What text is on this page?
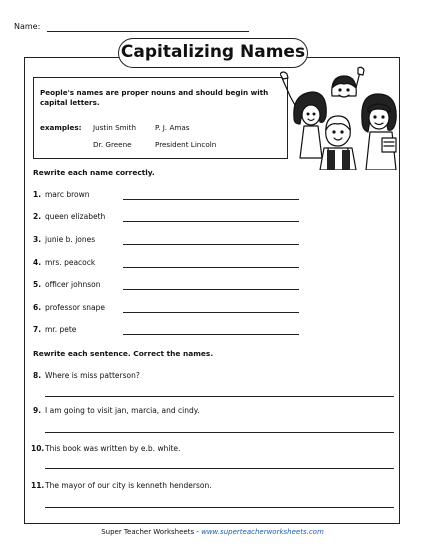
Name:
Capitalizing Names
People's names are proper nouns and should begin with capital letters.
examples: Justin Smith	P. J. Amas
Dr. Greene	President Lincoln
Rewrite each name correctly.
1. marc brown
2. queen elizabeth
3. junie b. jones
4. mrs. peacock
5. officer johnson
6. professor snape
7. mr. pete
Rewrite each sentence. Correct the names.
8. Where is miss patterson?
9. I am going to visit jan, marcia, and cindy.
10. This book was written by e.b. white.
11. The mayor of our city is kenneth henderson.
Super Teacher Worksheets - www.superteacherworksheets.com
